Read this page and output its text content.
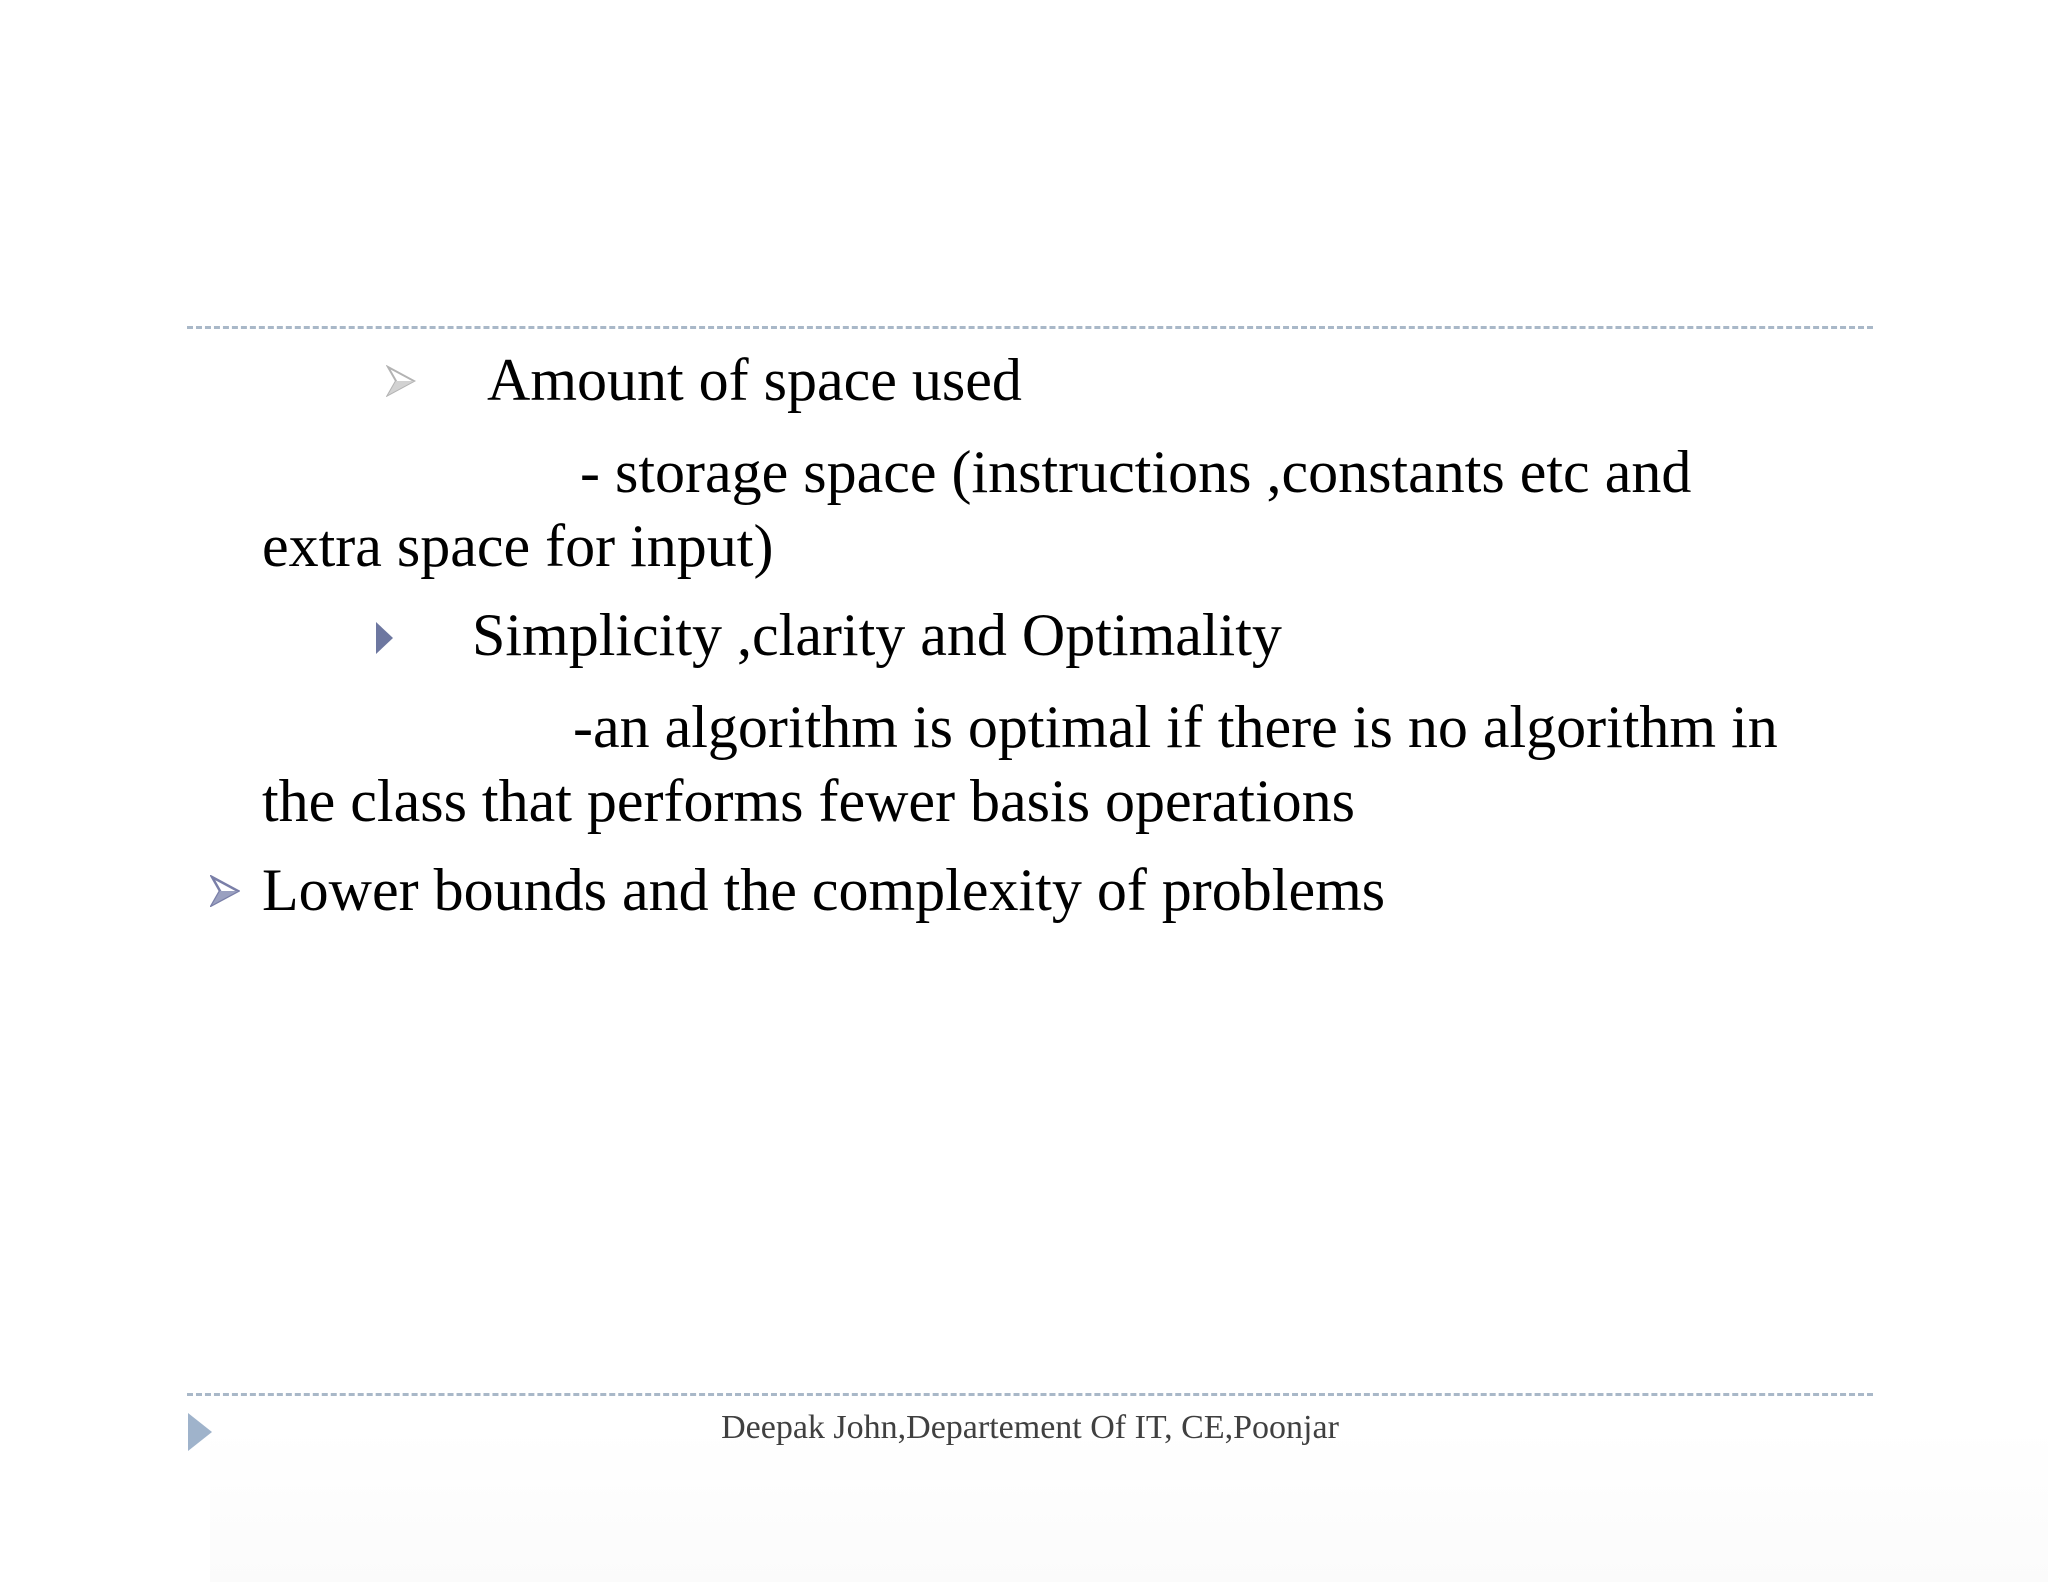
Amount of space used
- storage space (instructions ,constants etc and
extra space for input)
Simplicity ,clarity and Optimality
-an algorithm is optimal if there is no algorithm in
the class that performs fewer basis operations
Lower bounds and the complexity of problems
Deepak John,Departement Of IT, CE,Poonjar
